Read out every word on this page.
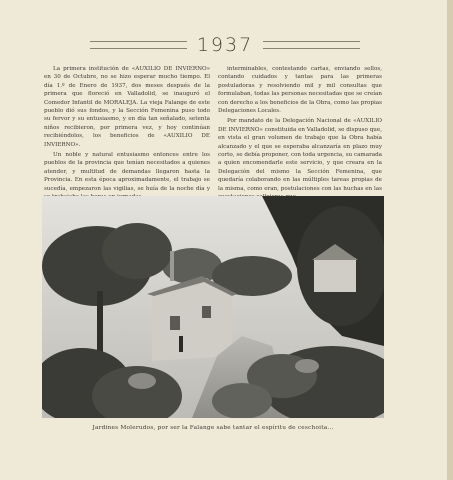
1937

La primera institución de «AUXILIO DE INVIERNO» en 30 de Octubre, no se hizo esperar mucho tiempo. El día 1.º de Enero de 1937, dos meses después de la primera que floreció en Valladolid, se inauguró el Comedor Infantil de MORALEJA. La vieja Falange de este pueblo dió sus fondos, y la Sección Femenina puso todo su fervor y su entusiasmo, y en día tan señalado, setenta niños recibieron, por primera vez, y hoy continúan recibiéndolos, los beneficios de «AUXILIO DE INVIERNO».

Un noble y natural entusiasmo entonces entre los pueblos de la provincia que tenían necesitados a quienes atender, y multitud de demandas llegaron hasta la Provincia. En esta época aproximadamente, el trabajo se sucedía, empezaron las vigilias, se huía de la noche día y

interminables, contestando cartas, enviando sellos, contando cuidados y tantas para las primeras postuladoras y resolviendo mil y mil consultas que formulaban, todas las personas necesitadas que se creían con derecho a los beneficios de la Obra, como las propias Delegaciones Locales.

Por mandato de la Delegación Nacional de «AUXILIO DE INVIERNO» constituida en Valladolid, se dispuso que, en vista el gran volumen de trabajo que la Obra había alcanzado y el que se esperaba alcanzaría en plazo muy corto, se debía proponer, con toda urgencia, su camarada a quien encomendarle este servicio, y que creara en la Delegación del mismo la Sección Femenina, que quedaría colaborando en las múltiples tareas propias de la misma, como eran, postulaciones con las huchas en las

Jardines Molerudos, por ser la Falange sabe tantar el espíritu de ceschoita...
